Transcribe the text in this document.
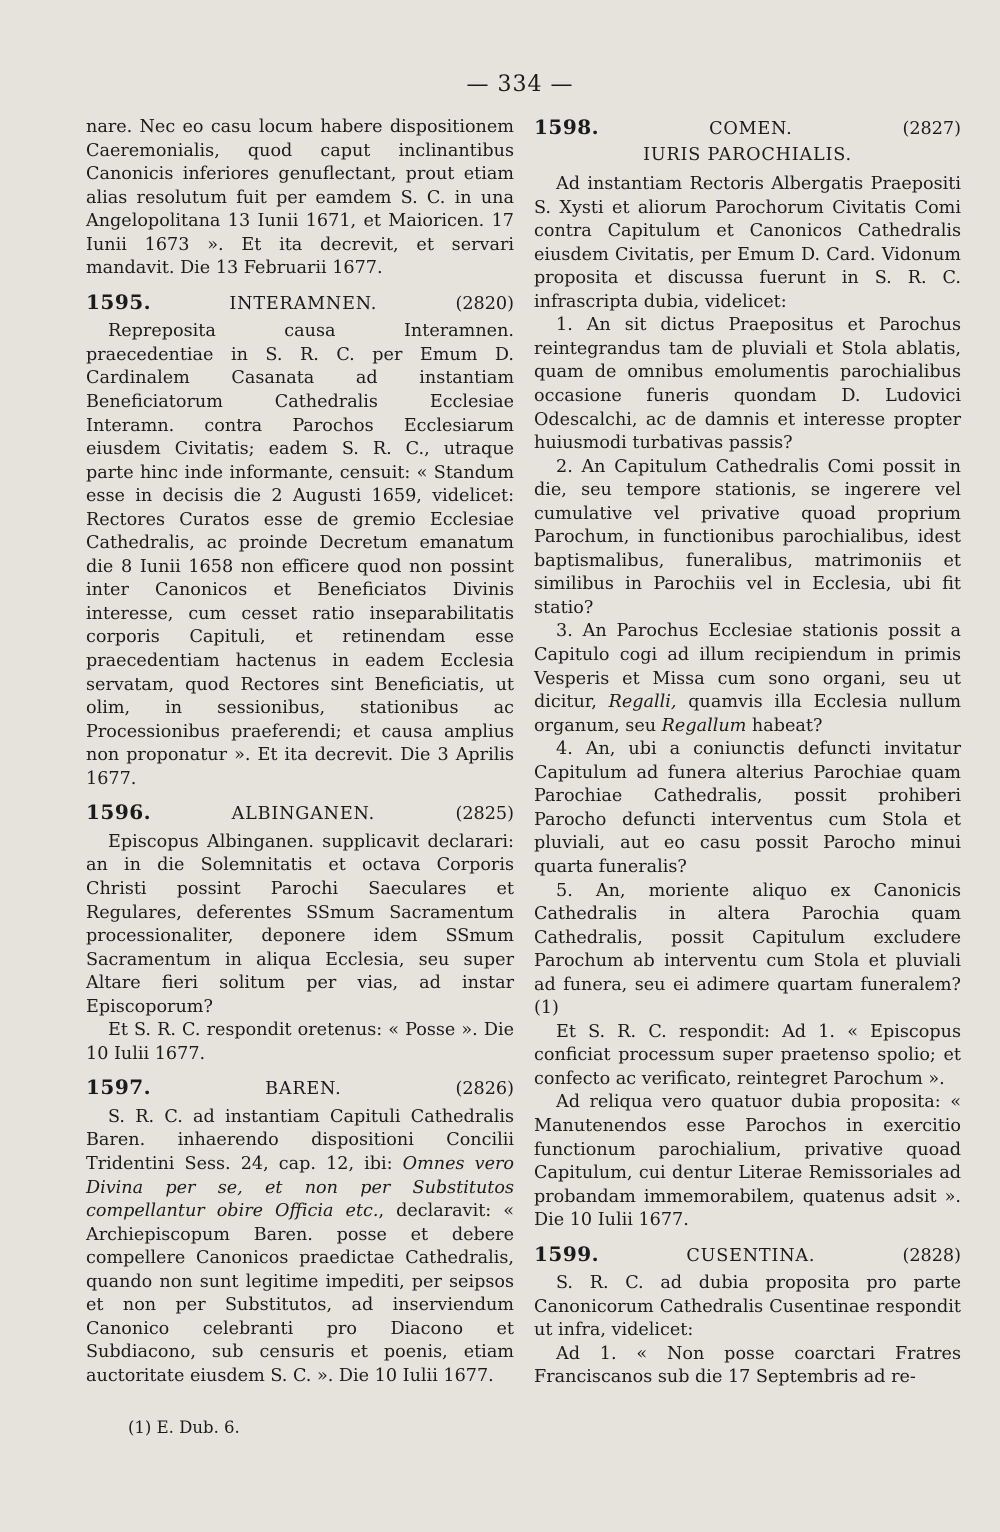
— 334 —

nare. Nec eo casu locum habere dispositionem Caeremonialis, quod caput inclinantibus Canonicis inferiores genuflectant, prout etiam alias resolutum fuit per eamdem S. C. in una Angelopolitana 13 Iunii 1671, et Maioricen. 17 Iunii 1673 ». Et ita decrevit, et servari mandavit. Die 13 Februarii 1677.

1595.	INTERAMNEN.	(2820)

Repreposita causa Interamnen. praecedentiae in S. R. C. per Emum D. Cardinalem Casanata ad instantiam Beneficiatorum Cathedralis Ecclesiae Interamn. contra Parochos Ecclesiarum eiusdem Civitatis; eadem S. R. C., utraque parte hinc inde informante, censuit: « Standum esse in decisis die 2 Augusti 1659, videlicet: Rectores Curatos esse de gremio Ecclesiae Cathedralis, ac proinde Decretum emanatum die 8 Iunii 1658 non efficere quod non possint inter Canonicos et Beneficiatos Divinis interesse, cum cesset ratio inseparabilitatis corporis Capituli, et retinendam esse praecedentiam hactenus in eadem Ecclesia servatam, quod Rectores sint Beneficiatis, ut olim, in sessionibus, stationibus ac Processionibus praeferendi; et causa amplius non proponatur ». Et ita decrevit. Die 3 Aprilis 1677.

1596.	ALBINGANEN.	(2825)

Episcopus Albinganen. supplicavit declarari: an in die Solemnitatis et octava Corporis Christi possint Parochi Saeculares et Regulares, deferentes SSmum Sacramentum processionaliter, deponere idem SSmum Sacramentum in aliqua Ecclesia, seu super Altare fieri solitum per vias, ad instar Episcoporum?

Et S. R. C. respondit oretenus: « Posse ». Die 10 Iulii 1677.

1597.	BAREN.	(2826)

S. R. C. ad instantiam Capituli Cathedralis Baren. inhaerendo dispositioni Concilii Tridentini Sess. 24, cap. 12, ibi: Omnes vero Divina per se, et non per Substitutos compellantur obire Officia etc., declaravit: « Archiepiscopum Baren. posse et debere compellere Canonicos praedictae Cathedralis, quando non sunt legitime impediti, per seipsos et non per Substitutos, ad inserviendum Canonico celebranti pro Diacono et Subdiacono, sub censuris et poenis, etiam auctoritate eiusdem S. C. ». Die 10 Iulii 1677.

(1) E. Dub. 6.
1598.	COMEN.	(2827)
IURIS PAROCHIALIS.

Ad instantiam Rectoris Albergatis Praepositi S. Xysti et aliorum Parochorum Civitatis Comi contra Capitulum et Canonicos Cathedralis eiusdem Civitatis, per Emum D. Card. Vidonum proposita et discussa fuerunt in S. R. C. infrascripta dubia, videlicet:

1. An sit dictus Praepositus et Parochus reintegrandus tam de pluviali et Stola ablatis, quam de omnibus emolumentis parochialibus occasione funeris quondam D. Ludovici Odescalchi, ac de damnis et interesse propter huiusmodi turbativas passis?

2. An Capitulum Cathedralis Comi possit in die, seu tempore stationis, se ingerere vel cumulative vel privative quoad proprium Parochum, in functionibus parochialibus, idest baptismalibus, funeralibus, matrimoniis et similibus in Parochiis vel in Ecclesia, ubi fit statio?

3. An Parochus Ecclesiae stationis possit a Capitulo cogi ad illum recipiendum in primis Vesperis et Missa cum sono organi, seu ut dicitur, Regalli, quamvis illa Ecclesia nullum organum, seu Regallum habeat?

4. An, ubi a coniunctis defuncti invitatur Capitulum ad funera alterius Parochiae quam Parochiae Cathedralis, possit prohiberi Parocho defuncti interventus cum Stola et pluviali, aut eo casu possit Parocho minui quarta funeralis?

5. An, moriente aliquo ex Canonicis Cathedralis in altera Parochia quam Cathedralis, possit Capitulum excludere Parochum ab interventu cum Stola et pluviali ad funera, seu ei adimere quartam funeralem? (1)

Et S. R. C. respondit: Ad 1. « Episcopus conficiat processum super praetenso spolio; et confecto ac verificato, reintegret Parochum ».

Ad reliqua vero quatuor dubia proposita: « Manutenendos esse Parochos in exercitio functionum parochialium, privative quoad Capitulum, cui dentur Literae Remissoriales ad probandam immemorabilem, quatenus adsit ». Die 10 Iulii 1677.

1599.	CUSENTINA.	(2828)

S. R. C. ad dubia proposita pro parte Canonicorum Cathedralis Cusentinae respondit ut infra, videlicet:

Ad 1. « Non posse coarctari Fratres Franciscanos sub die 17 Septembris ad re-
